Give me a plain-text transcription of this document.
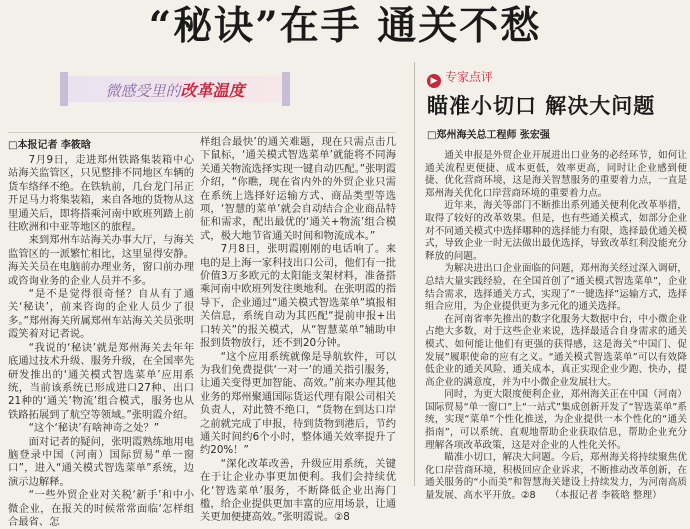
“秘诀”在手 通关不愁
微感受里的改革温度
□本报记者 李筱晗

7月9日，走进郑州铁路集装箱中心站海关监管区，只见整排不同地区车辆的货车络绎不绝。在铁轨前，几台龙门吊正开足马力将集装箱，来自各地的货物从这里通关后，即将搭乘河南中欧班列踏上前往欧洲和中亚等地区的旅程。

来到郑州车站海关办事大厅，与海关监管区的一派繁忙相比，这里显得安静。海关关员在电脑前办理业务，窗口前办理或咨询业务的企业人员并不多。

“是不是觉得很奇怪？自从有了通关‘秘诀’，前来咨询的企业人员少了很多。”郑州海关所属郑州车站海关关员张明霞笑着对记者说。

“我说的‘秘诀’就是郑州海关去年年底通过技术升级、服务升级，在全国率先研发推出的‘通关模式智选菜单’应用系统，当前该系统已形成进口27种、出口21种的‘通关’物流’组合模式，服务也从铁路拓展到了航空等领域。”张明霞介绍。

“这个‘秘诀’有啥神奇之处？”

面对记者的疑问，张明霞熟练地用电脑登录中国（河南）国际贸易“单一窗口”，进入“通关模式智选菜单”系统，边演示边解释。

“一些外贸企业对关税‘新手’和中小微企业，在报关的时候常常面临‘怎样组合最省、怎

样组合最快’的通关难题，现在只需点击几下鼠标，‘通关模式智选菜单’就能将不同海关通关物流选择实现一键自动匹配。”张明霞介绍，“你瞧，现在省内外的外贸企业只需在系统上选择好运输方式、商品类型等选项，‘智慧的菜单’就会自动结合企业商品特征和需求，配出最优的‘通关+物流’组合模式，极大地节省通关时间和物流成本。”

7月8日，张明霞刚刚的电话响了。来电的是上海一家科技出口公司，他们有一批价值3万多欧元的太阳能支架材料，准备搭乘河南中欧班列发往奥地利。在张明霞的指导下，企业通过“通关模式智选菜单”填报相关信息，系统自动为其匹配“提前申报+出口转关”的报关模式，从“智慧菜单”辅助申报到货物放行，还不到20分钟。

“这个应用系统就像是导航软件，可以为我们免费提供‘一对一’的通关指引服务，让通关变得更加智能、高效。”前来办理其他业务的郑州聚通国际货运代理有限公司相关负责人，对此赞不绝口，“货物在到达口岸之前就完成了申报，待到货物到港后，节约通关时间约6个小时，整体通关效率提升了约20%！”

“深化改革改善，升级应用系统，关键在于让企业办事更加便利。我们会持续优化‘智选菜单’服务，不断降低企业出海门槛，给企业提供更加丰富的应用场景，让通关更加便捷高效。”张明霞说。②8

▶ 专家点评
瞄准小切口 解决大问题
□郑州海关总工程师 张宏强

通关申报是外贸企业开展进出口业务的必经环节，如何让通关流程更便捷、成本更低，效率更高，同时让企业感到便捷、优化营商环境，这是海关智慧服务的重要着力点，一直是郑州海关优化口岸营商环境的重要着力点。

近年来，海关等部门不断推出系列通关便利化改革举措，取得了较好的改革效果。但是，也有些通关模式，如部分企业对不同通关模式中选择哪种的选择能力有限，选择最优通关模式，导致企业一时无法做出最优选择，导致改革红利没能充分释放的问题。

为解决进出口企业面临的问题，郑州海关经过深入调研，总结大量实践经验，在全国首创了“通关模式智选菜单”，企业结合需求，选择通关方式，实现了“一键选择”运输方式，选择组合应用，为企业提供更为多元化的通关选择。

在河南省率先推出的数字化服务大数据中台，中小微企业占绝大多数，对于这些企业来说，选择最适合自身需求的通关模式、如何能让他们有更强的获得感，这是海关“中国门、促发展”履职使命的应有之义。“通关模式智选菜单”可以有效降低企业的通关风险、通关成本，真正实现企业少跑、快办，提高企业的满意度，并为中小微企业发展壮大。

同时，为更大限度便利企业，郑州海关正在中国（河南）国际贸易“单一窗口”上“一站式”集成创新开发了“智选菜单”系统，实现“菜单”个性化推送，为企业提供一本个性化的“通关指南”，可以系统、直观地帮助企业获取信息，帮助企业充分理解各项改革政策，这是对企业的人性化关怀。

瞄准小切口，解决大问题。今后，郑州海关将持续聚焦优化口岸营商环境，积极回应企业诉求，不断推动改革创新，在通关服务的“小而美”和智慧海关建设上持续发力，为河南高质量发展、高水平开放。②8　　（本报记者 李筱晗 整理）
